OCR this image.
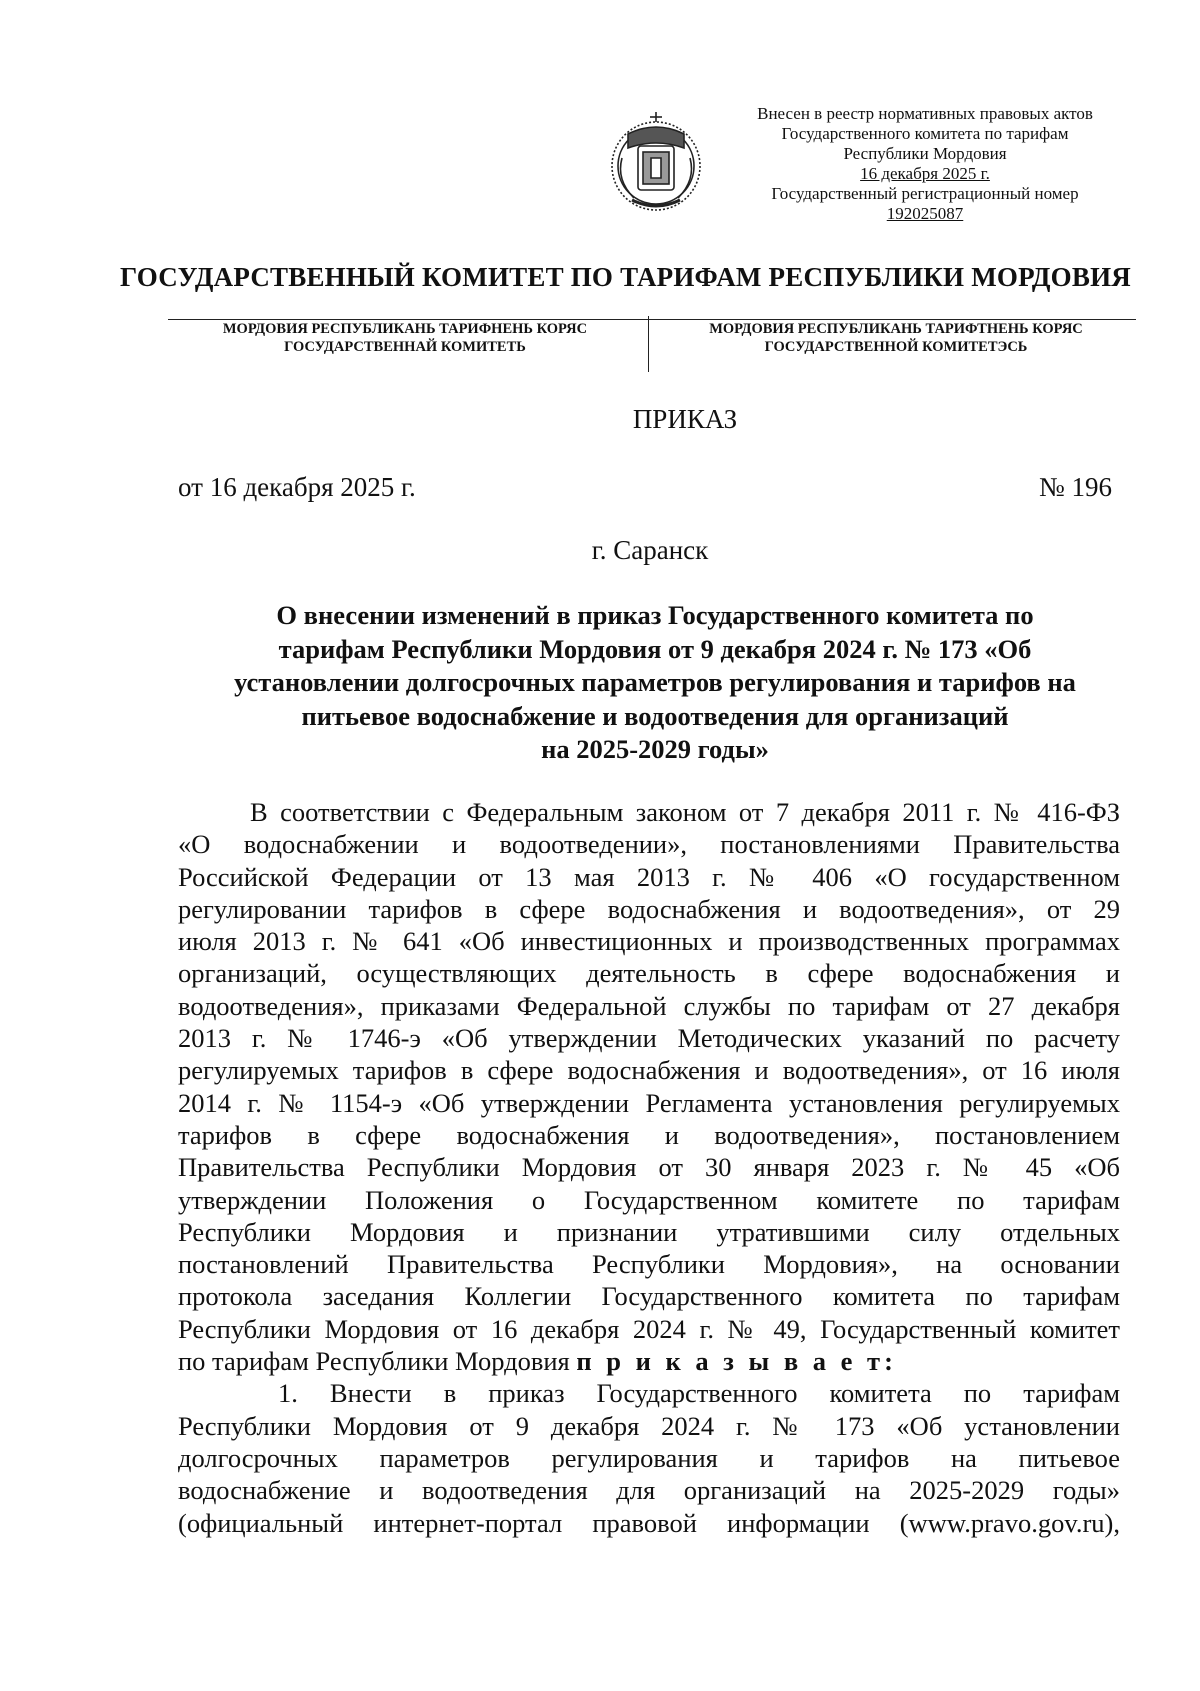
Внесен в реестр нормативных правовых актов
Государственного комитета по тарифам
Республики Мордовия
16 декабря 2025 г.
Государственный регистрационный номер
192025087
ГОСУДАРСТВЕННЫЙ КОМИТЕТ ПО ТАРИФАМ РЕСПУБЛИКИ МОРДОВИЯ
МОРДОВИЯ РЕСПУБЛИКАНЬ ТАРИФНЕНЬ КОРЯС
ГОСУДАРСТВЕННАЙ КОМИТЕТЬ
МОРДОВИЯ РЕСПУБЛИКАНЬ ТАРИФТНЕНЬ КОРЯС
ГОСУДАРСТВЕННОЙ КОМИТЕТЭСЬ
ПРИКАЗ
от 16 декабря 2025 г.	№ 196
г. Саранск
О внесении изменений в приказ Государственного комитета по
тарифам Республики Мордовия от 9 декабря 2024 г. № 173 «Об
установлении долгосрочных параметров регулирования и тарифов на
питьевое водоснабжение и водоотведения для организаций
на 2025-2029 годы»
В соответствии с Федеральным законом от 7 декабря 2011 г. № 416-ФЗ
«О водоснабжении и водоотведении», постановлениями Правительства
Российской Федерации от 13 мая 2013 г. № 406 «О государственном
регулировании тарифов в сфере водоснабжения и водоотведения», от 29
июля 2013 г. № 641 «Об инвестиционных и производственных программах
организаций, осуществляющих деятельность в сфере водоснабжения и
водоотведения», приказами Федеральной службы по тарифам от 27 декабря
2013 г. № 1746-э «Об утверждении Методических указаний по расчету
регулируемых тарифов в сфере водоснабжения и водоотведения», от 16 июля
2014 г. № 1154-э «Об утверждении Регламента установления регулируемых
тарифов в сфере водоснабжения и водоотведения», постановлением
Правительства Республики Мордовия от 30 января 2023 г. № 45 «Об
утверждении Положения о Государственном комитете по тарифам
Республики Мордовия и признании утратившими силу отдельных
постановлений Правительства Республики Мордовия», на основании
протокола заседания Коллегии Государственного комитета по тарифам
Республики Мордовия от 16 декабря 2024 г. № 49, Государственный комитет
по тарифам Республики Мордовия п р и к а з ы в а е т:
1. Внести в приказ Государственного комитета по тарифам
Республики Мордовия от 9 декабря 2024 г. № 173 «Об установлении
долгосрочных параметров регулирования и тарифов на питьевое
водоснабжение и водоотведения для организаций на 2025-2029 годы»
(официальный интернет-портал правовой информации (www.pravo.gov.ru),
